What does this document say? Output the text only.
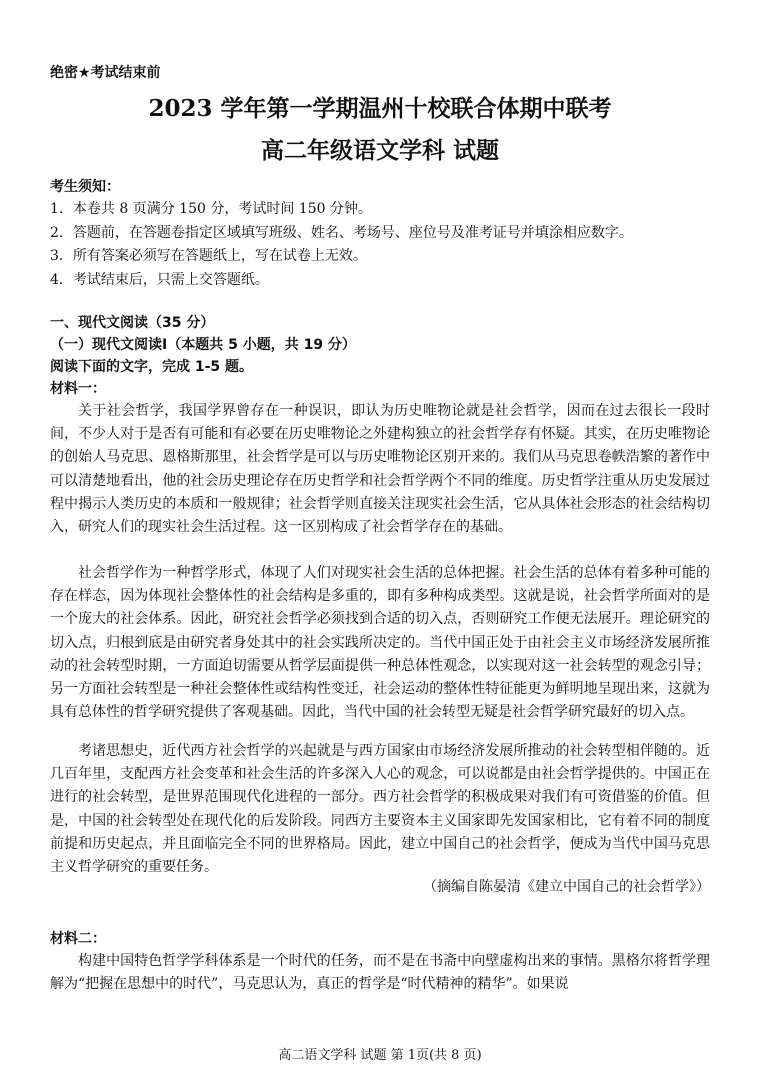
绝密★考试结束前
2023 学年第一学期温州十校联合体期中联考
高二年级语文学科 试题
考生须知：
1．本卷共 8 页满分 150 分，考试时间 150 分钟。
2．答题前，在答题卷指定区域填写班级、姓名、考场号、座位号及准考证号并填涂相应数字。
3．所有答案必须写在答题纸上，写在试卷上无效。
4．考试结束后，只需上交答题纸。
一、现代文阅读（35 分）
（一）现代文阅读Ⅰ（本题共 5 小题，共 19 分）
阅读下面的文字，完成 1-5 题。
材料一：

关于社会哲学，我国学界曾存在一种误识，即认为历史唯物论就是社会哲学，因而在过去很长一段时间，不少人对于是否有可能和有必要在历史唯物论之外建构独立的社会哲学存有怀疑。其实，在历史唯物论的创始人马克思、恩格斯那里，社会哲学是可以与历史唯物论区别开来的。我们从马克思卷帙浩繁的著作中可以清楚地看出，他的社会历史理论存在历史哲学和社会哲学两个不同的维度。历史哲学注重从历史发展过程中揭示人类历史的本质和一般规律；社会哲学则直接关注现实社会生活，它从具体社会形态的社会结构切入，研究人们的现实社会生活过程。这一区别构成了社会哲学存在的基础。

社会哲学作为一种哲学形式，体现了人们对现实社会生活的总体把握。社会生活的总体有着多种可能的存在样态，因为体现社会整体性的社会结构是多重的，即有多种构成类型。这就是说，社会哲学所面对的是一个庞大的社会体系。因此，研究社会哲学必须找到合适的切入点，否则研究工作便无法展开。理论研究的切入点，归根到底是由研究者身处其中的社会实践所决定的。当代中国正处于由社会主义市场经济发展所推动的社会转型时期，一方面迫切需要从哲学层面提供一种总体性观念，以实现对这一社会转型的观念引导；另一方面社会转型是一种社会整体性或结构性变迁，社会运动的整体性特征能更为鲜明地呈现出来，这就为具有总体性的哲学研究提供了客观基础。因此，当代中国的社会转型无疑是社会哲学研究最好的切入点。

考诸思想史，近代西方社会哲学的兴起就是与西方国家由市场经济发展所推动的社会转型相伴随的。近几百年里，支配西方社会变革和社会生活的许多深入人心的观念，可以说都是由社会哲学提供的。中国正在进行的社会转型，是世界范围现代化进程的一部分。西方社会哲学的积极成果对我们有可资借鉴的价值。但是，中国的社会转型处在现代化的后发阶段。同西方主要资本主义国家即先发国家相比，它有着不同的制度前提和历史起点，并且面临完全不同的世界格局。因此，建立中国自己的社会哲学，便成为当代中国马克思主义哲学研究的重要任务。

（摘编自陈晏清《建立中国自己的社会哲学》）
材料二：

构建中国特色哲学学科体系是一个时代的任务，而不是在书斋中向壁虚构出来的事情。黑格尔将哲学理解为“把握在思想中的时代”，马克思认为，真正的哲学是“时代精神的精华”。如果说

高二语文学科 试题 第 1页(共 8 页)
